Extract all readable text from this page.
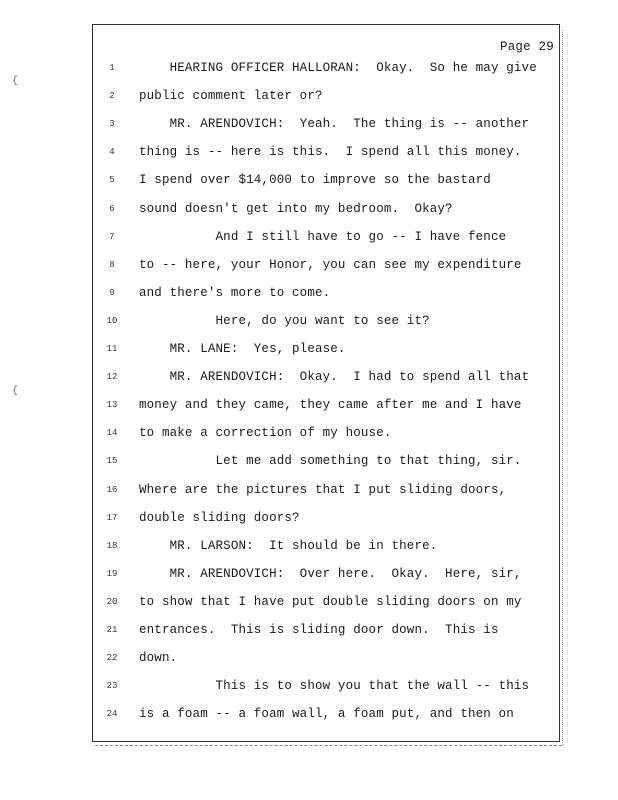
Page 29
{
{
1	HEARING OFFICER HALLORAN:  Okay.  So he may give
2	public comment later or?
3	MR. ARENDOVICH:  Yeah.  The thing is -- another
4	thing is -- here is this.  I spend all this money.
5	I spend over $14,000 to improve so the bastard
6	sound doesn't get into my bedroom.  Okay?
7	And I still have to go -- I have fence
8	to -- here, your Honor, you can see my expenditure
9	and there's more to come.
10	Here, do you want to see it?
11	MR. LANE:  Yes, please.
12	MR. ARENDOVICH:  Okay.  I had to spend all that
13	money and they came, they came after me and I have
14	to make a correction of my house.
15	Let me add something to that thing, sir.
16	Where are the pictures that I put sliding doors,
17	double sliding doors?
18	MR. LARSON:  It should be in there.
19	MR. ARENDOVICH:  Over here.  Okay.  Here, sir,
20	to show that I have put double sliding doors on my
21	entrances.  This is sliding door down.  This is
22	down.
23	This is to show you that the wall -- this
24	is a foam -- a foam wall, a foam put, and then on
